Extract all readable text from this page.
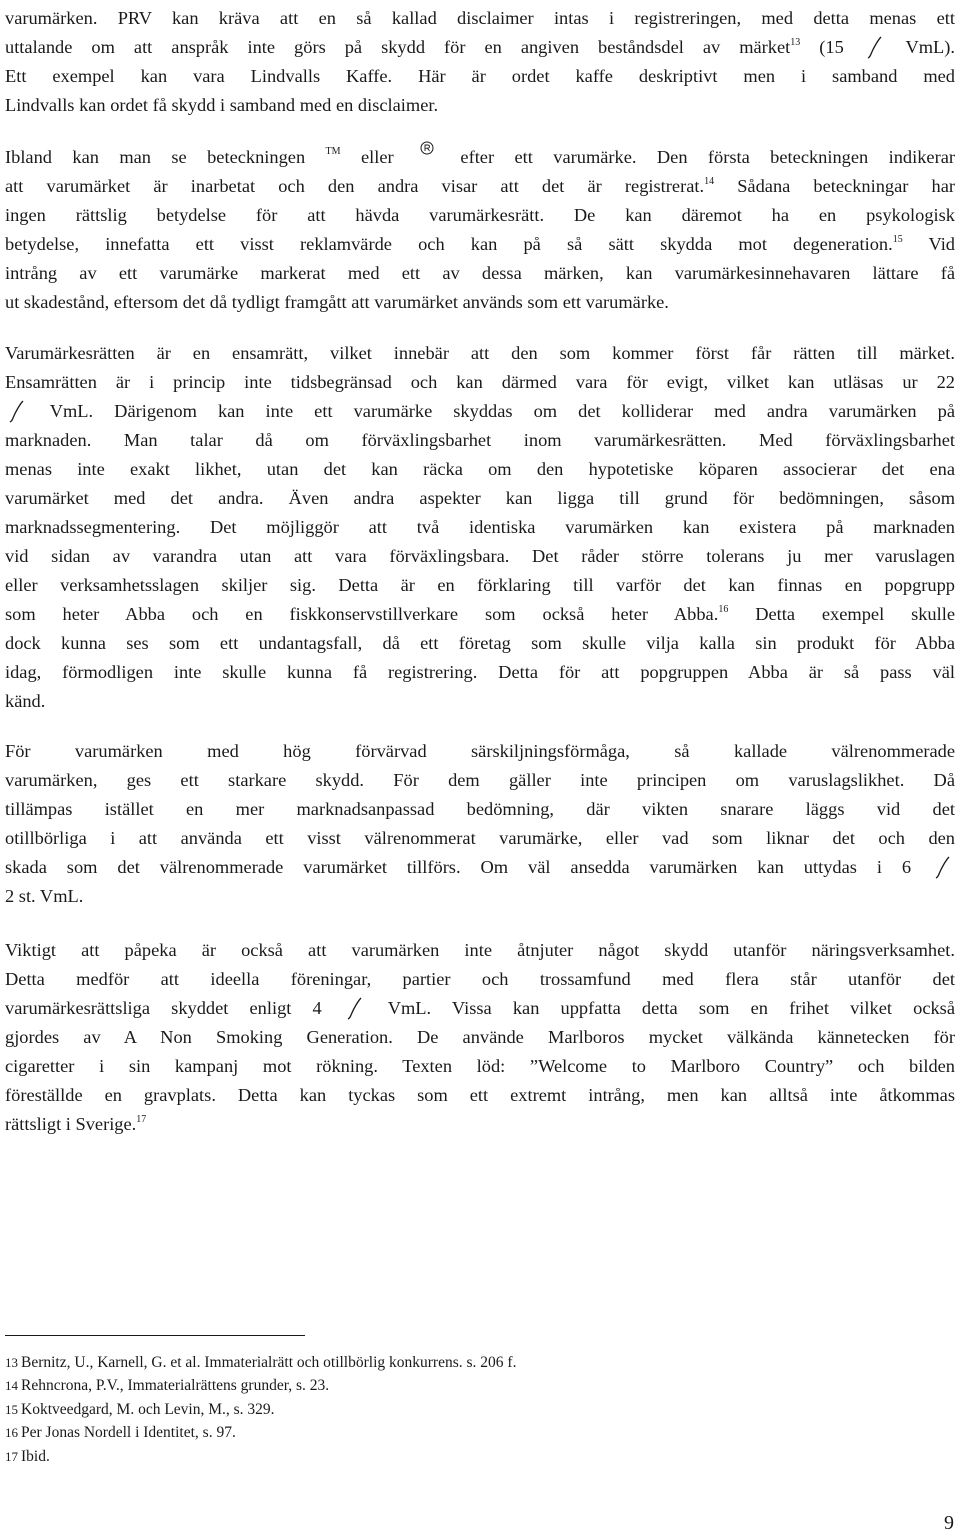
varumärken. PRV kan kräva att en så kallad disclaimer intas i registreringen, med detta menas ett
uttalande om att anspråk inte görs på skydd för en angiven beståndsdel av märket$^{13}$ (15  VmL).
Ett exempel kan vara Lindvalls Kaffe. Här är ordet kaffe deskriptivt men i samband med
Lindvalls kan ordet få skydd i samband med en disclaimer.
Ibland kan man se beteckningen ™ eller  efter ett varumärke. Den första beteckningen indikerar
att varumärket är inarbetat och den andra visar att det är registrerat.$^{14}$ Sådana beteckningar har
ingen rättslig betydelse för att hävda varumärkesrätt. De kan däremot ha en psykologisk
betydelse, innefatta ett visst reklamvärde och kan på så sätt skydda mot degeneration.$^{15}$ Vid
intrång av ett varumärke markerat med ett av dessa märken, kan varumärkesinnehavaren lättare få
ut skadestånd, eftersom det då tydligt framgått att varumärket används som ett varumärke.
Varumärkesrätten är en ensamrätt, vilket innebär att den som kommer först får rätten till märket.
Ensamrätten är i princip inte tidsbegränsad och kan därmed vara för evigt, vilket kan utläsas ur 22
VmL. Därigenom kan inte ett varumärke skyddas om det kolliderar med andra varumärken på
marknaden. Man talar då om förväxlingsbarhet inom varumärkesrätten. Med förväxlingsbarhet
menas inte exakt likhet, utan det kan räcka om den hypotetiske köparen associerar det ena
varumärket med det andra. Även andra aspekter kan ligga till grund för bedömningen, såsom
marknadssegmentering. Det möjliggör att två identiska varumärken kan existera på marknaden
vid sidan av varandra utan att vara förväxlingsbara. Det råder större tolerans ju mer varuslagen
eller verksamhetsslagen skiljer sig. Detta är en förklaring till varför det kan finnas en popgrupp
som heter Abba och en fiskkonservstillverkare som också heter Abba.$^{16}$ Detta exempel skulle
dock kunna ses som ett undantagsfall, då ett företag som skulle vilja kalla sin produkt för Abba
idag, förmodligen inte skulle kunna få registrering. Detta för att popgruppen Abba är så pass väl
känd.
För varumärken med hög förvärvad särskiljningsförmåga, så kallade välrenommerade
varumärken, ges ett starkare skydd. För dem gäller inte principen om varuslagslikhet. Då
tillämpas istället en mer marknadsanpassad bedömning, där vikten snarare läggs vid det
otillbörliga i att använda ett visst välrenommerat varumärke, eller vad som liknar det och den
skada som det välrenommerade varumärket tillförs. Om väl ansedda varumärken kan uttydas i 6
2 st. VmL.
Viktigt att påpeka är också att varumärken inte åtnjuter något skydd utanför näringsverksamhet.
Detta medför att ideella föreningar, partier och trossamfund med flera står utanför det
varumärkesrättsliga skyddet enligt 4  VmL. Vissa kan uppfatta detta som en frihet vilket också
gjordes av A Non Smoking Generation. De använde Marlboros mycket välkända kännetecken för
cigaretter i sin kampanj mot rökning. Texten löd: ”Welcome to Marlboro Country” och bilden
föreställde en gravplats. Detta kan tyckas som ett extremt intrång, men kan alltså inte åtkommas
rättsligt i Sverige.$^{17}$
13 Bernitz, U., Karnell, G. et al. Immaterialrätt och otillbörlig konkurrens. s. 206 f.
14 Rehncrona, P.V., Immaterialrättens grunder, s. 23.
15 Koktveedgard, M. och Levin, M., s. 329.
16 Per Jonas Nordell i Identitet, s. 97.
17 Ibid.
9
